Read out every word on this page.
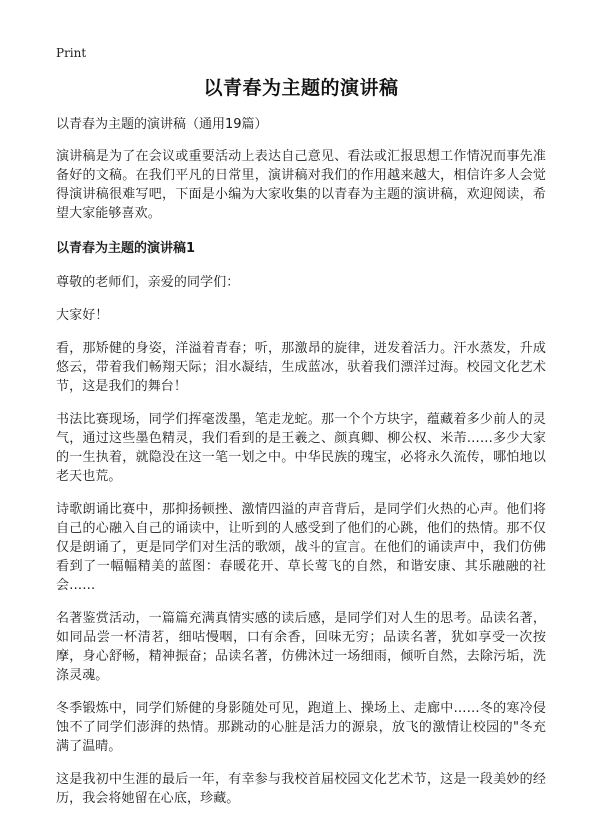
Print
以青春为主题的演讲稿
以青春为主题的演讲稿（通用19篇）

演讲稿是为了在会议或重要活动上表达自己意见、看法或汇报思想工作情况而事先准备好的文稿。在我们平凡的日常里，演讲稿对我们的作用越来越大，相信许多人会觉得演讲稿很难写吧，下面是小编为大家收集的以青春为主题的演讲稿，欢迎阅读，希望大家能够喜欢。

以青春为主题的演讲稿1

尊敬的老师们，亲爱的同学们：

大家好！

看，那矫健的身姿，洋溢着青春；听，那激昂的旋律，迸发着活力。汗水蒸发，升成悠云，带着我们畅翔天际；泪水凝结，生成蓝冰，驮着我们漂洋过海。校园文化艺术节，这是我们的舞台！

书法比赛现场，同学们挥毫泼墨，笔走龙蛇。那一个个方块字，蕴藏着多少前人的灵气，通过这些墨色精灵，我们看到的是王羲之、颜真卿、柳公权、米芾……多少大家的一生执着，就隐没在这一笔一划之中。中华民族的瑰宝，必将永久流传，哪怕地以老天也荒。

诗歌朗诵比赛中，那抑扬顿挫、激情四溢的声音背后，是同学们火热的心声。他们将自己的心融入自己的诵读中，让听到的人感受到了他们的心跳，他们的热情。那不仅仅是朗诵了，更是同学们对生活的歌颂，战斗的宣言。在他们的诵读声中，我们仿佛看到了一幅幅精美的蓝图：春暖花开、草长莺飞的自然，和谐安康、其乐融融的社会……

名著鉴赏活动，一篇篇充满真情实感的读后感，是同学们对人生的思考。品读名著，如同品尝一杯清茗，细咕慢咽，口有余香，回味无穷；品读名著，犹如享受一次按摩，身心舒畅，精神振奋；品读名著，仿佛沐过一场细雨，倾听自然，去除污垢，洗涤灵魂。

冬季锻炼中，同学们矫健的身影随处可见，跑道上、操场上、走廊中……冬的寒冷侵蚀不了同学们澎湃的热情。那跳动的心脏是活力的源泉，放飞的激情让校园的"冬充满了温晴。

这是我初中生涯的最后一年，有幸参与我校首届校园文化艺术节，这是一段美妙的经历，我会将她留在心底，珍藏。
